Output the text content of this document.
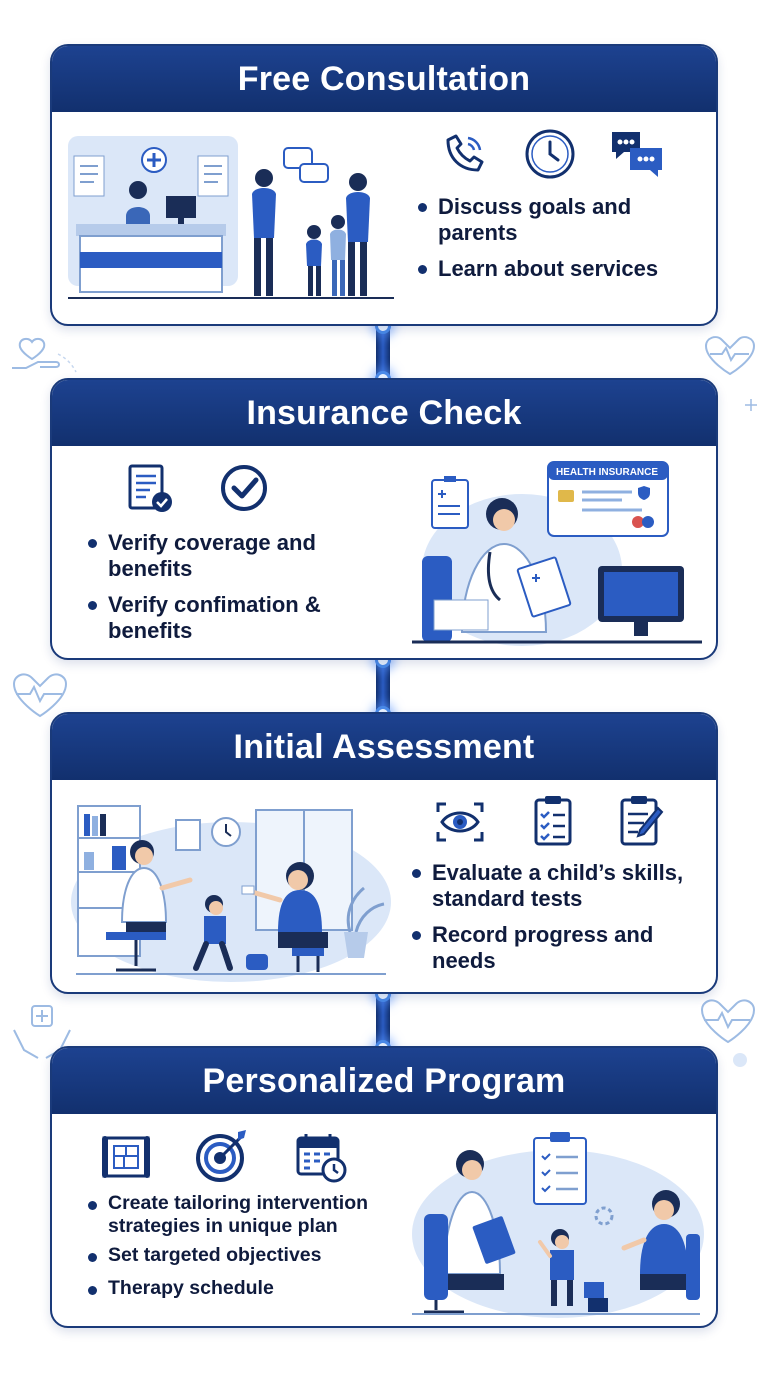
Free Consultation
Discuss goals and parents
Learn about services
Insurance Check
Verify coverage and benefits
Verify confimation & benefits
HEALTH INSURANCE
Initial Assessment
Evaluate a child’s skills, standard tests
Record progress and needs
Personalized Program
Create tailoring intervention strategies in unique plan
Set targeted objectives
Therapy schedule
